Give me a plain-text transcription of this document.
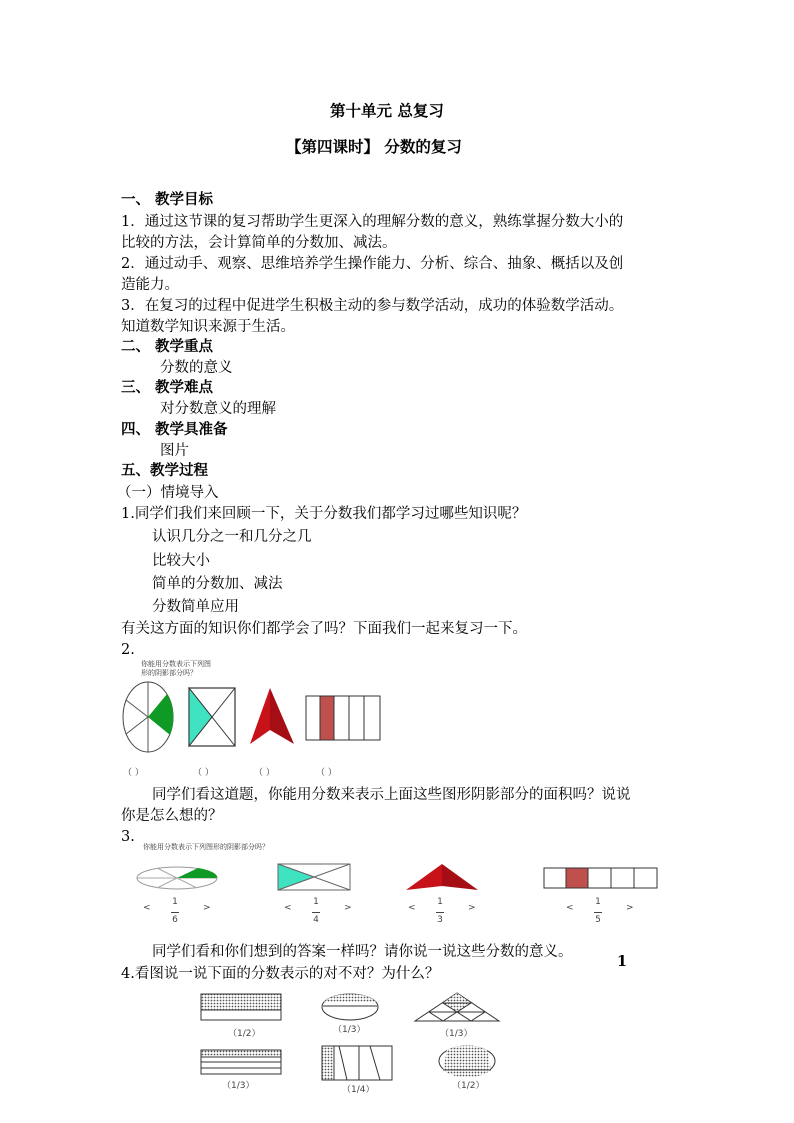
第十单元 总复习
【第四课时】 分数的复习
一、 教学目标
1．通过这节课的复习帮助学生更深入的理解分数的意义，熟练掌握分数大小的
比较的方法，会计算简单的分数加、减法。
2．通过动手、观察、思维培养学生操作能力、分析、综合、抽象、概括以及创
造能力。
3．在复习的过程中促进学生积极主动的参与数学活动，成功的体验数学活动。
知道数学知识来源于生活。
二、 教学重点
分数的意义
三、 教学难点
对分数意义的理解
四、 教学具准备
图片
五、教学过程
（一）情境导入
1.同学们我们来回顾一下，关于分数我们都学习过哪些知识呢？
认识几分之一和几分之几
比较大小
简单的分数加、减法
分数简单应用
有关这方面的知识你们都学会了吗？下面我们一起来复习一下。
2.
你能用分数表示下列图形的阴影部分吗？
（ ）	（ ）	（ ）	（ ）
同学们看这道题，你能用分数来表示上面这些图形阴影部分的面积吗？说说
你是怎么想的？
3.
你能用分数表示下列图形的阴影部分吗？
<
1

6
>	<
1

4
>	<
1

3
>	<
1

5
>
同学们看和你们想到的答案一样吗？请你说一说这些分数的意义。
1
4.看图说一说下面的分数表示的对不对？为什么？
（1/2）	（1/3）	（1/3）
（1/3）	（1/4）	（1/2）
